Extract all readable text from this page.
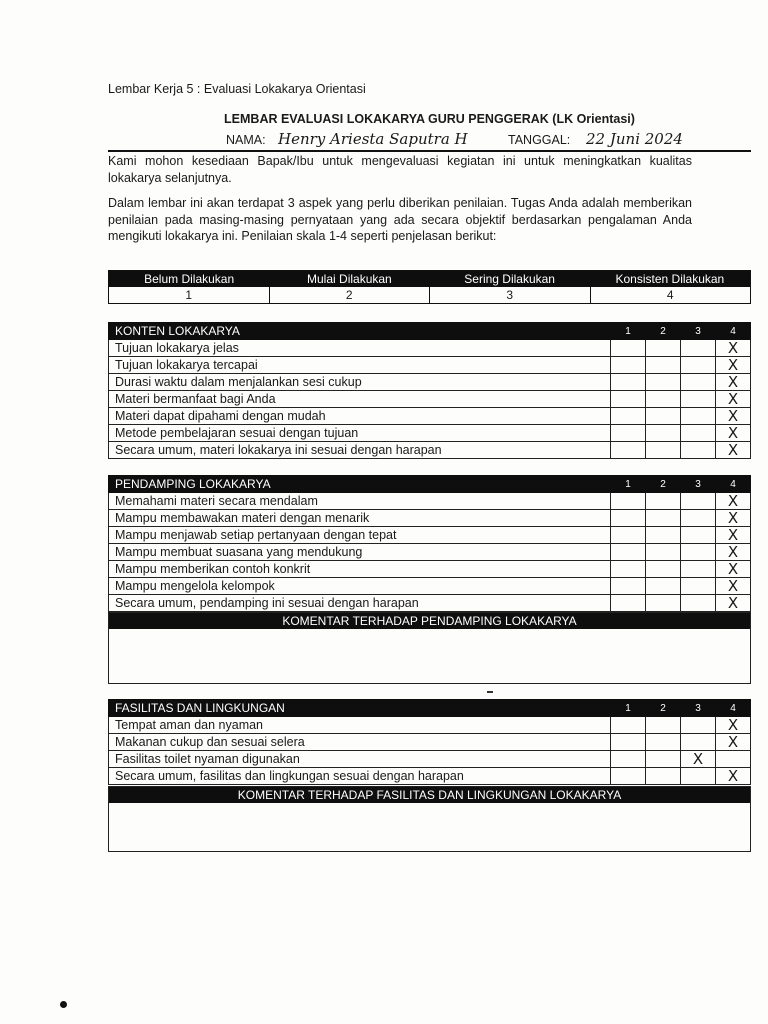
Lembar Kerja 5 : Evaluasi Lokakarya Orientasi
LEMBAR EVALUASI LOKAKARYA GURU PENGGERAK (LK Orientasi)
NAMA: Henry Ariesta Saputra H	TANGGAL: 22 Juni 2024
Kami mohon kesediaan Bapak/Ibu untuk mengevaluasi kegiatan ini untuk meningkatkan kualitas lokakarya selanjutnya.
Dalam lembar ini akan terdapat 3 aspek yang perlu diberikan penilaian. Tugas Anda adalah memberikan penilaian pada masing-masing pernyataan yang ada secara objektif berdasarkan pengalaman Anda mengikuti lokakarya ini. Penilaian skala 1-4 seperti penjelasan berikut:
Belum Dilakukan	Mulai Dilakukan	Sering Dilakukan	Konsisten Dilakukan
1	2	3	4
KONTEN LOKAKARYA	1	2	3	4
Tujuan lokakarya jelas				X
Tujuan lokakarya tercapai				X
Durasi waktu dalam menjalankan sesi cukup				X
Materi bermanfaat bagi Anda				X
Materi dapat dipahami dengan mudah				X
Metode pembelajaran sesuai dengan tujuan				X
Secara umum, materi lokakarya ini sesuai dengan harapan				X
PENDAMPING LOKAKARYA	1	2	3	4
Memahami materi secara mendalam				X
Mampu membawakan materi dengan menarik				X
Mampu menjawab setiap pertanyaan dengan tepat				X
Mampu membuat suasana yang mendukung				X
Mampu memberikan contoh konkrit				X
Mampu mengelola kelompok				X
Secara umum, pendamping ini sesuai dengan harapan				X
KOMENTAR TERHADAP PENDAMPING LOKAKARYA
FASILITAS DAN LINGKUNGAN	1	2	3	4
Tempat aman dan nyaman				X
Makanan cukup dan sesuai selera				X
Fasilitas toilet nyaman digunakan			X	
Secara umum, fasilitas dan lingkungan sesuai dengan harapan				X
KOMENTAR TERHADAP FASILITAS DAN LINGKUNGAN LOKAKARYA
